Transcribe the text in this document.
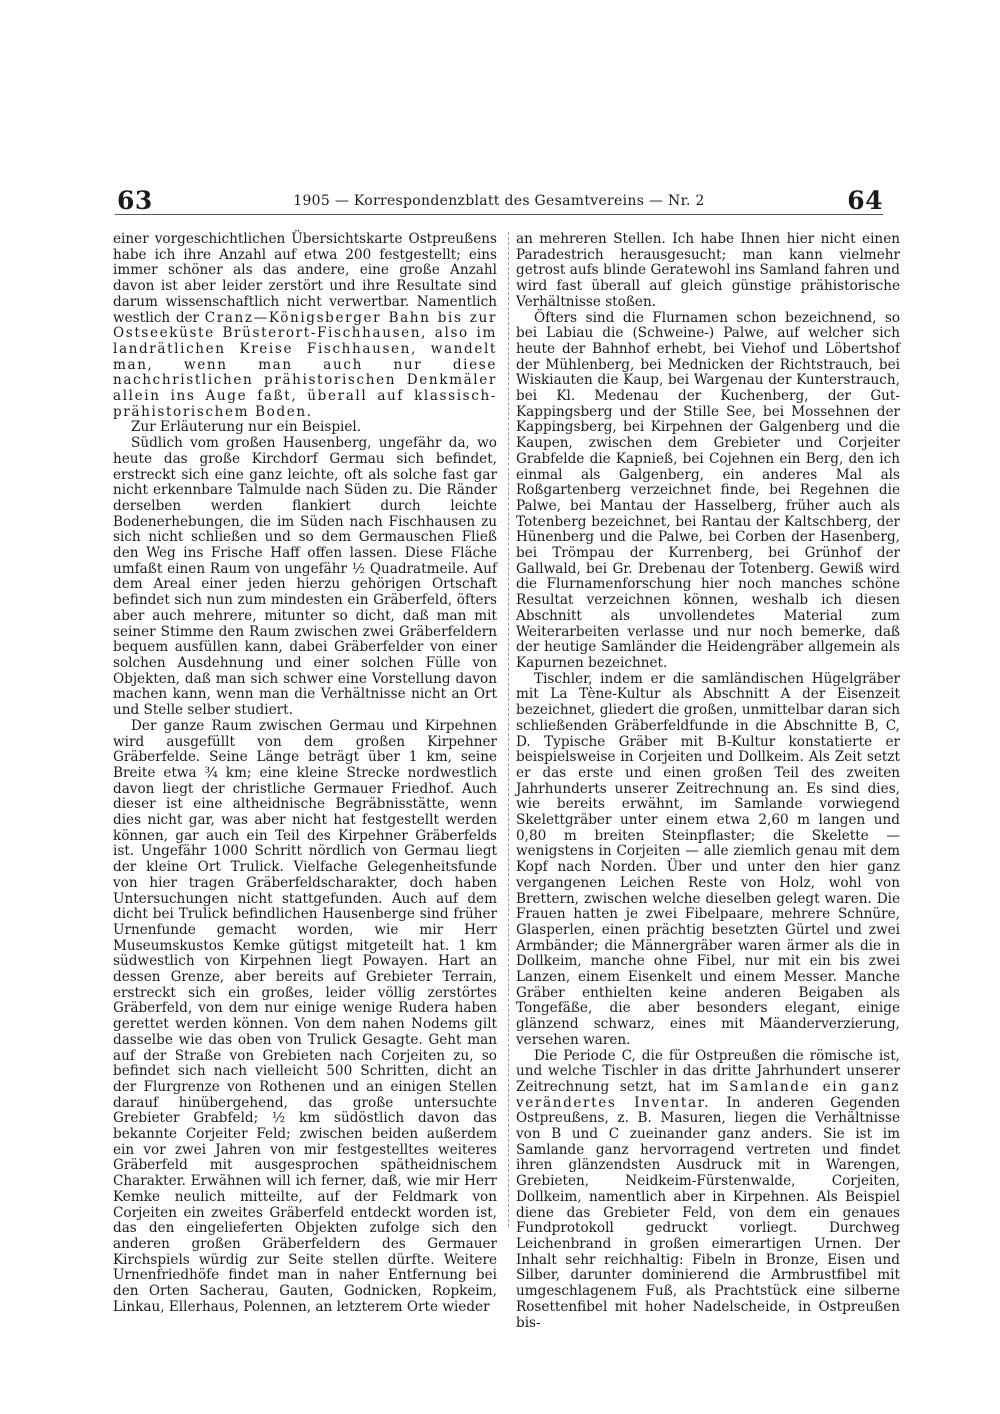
63	1905 — Korrespondenzblatt des Gesamtvereins — Nr. 2	64

einer vorgeschichtlichen Übersichtskarte Ostpreußens habe ich ihre Anzahl auf etwa 200 festgestellt; eins immer schöner als das andere, eine große Anzahl davon ist aber leider zerstört und ihre Resultate sind darum wissenschaftlich nicht verwertbar. Namentlich westlich der Cranz—Königsberger Bahn bis zur Ostseeküste Brüsterort-Fischhausen, also im landrätlichen Kreise Fischhausen, wandelt man, wenn man auch nur diese nachchristlichen prähistorischen Denkmäler allein ins Auge faßt, überall auf klassisch-prähistorischem Boden.

Zur Erläuterung nur ein Beispiel.

Südlich vom großen Hausenberg, ungefähr da, wo heute das große Kirchdorf Germau sich befindet, erstreckt sich eine ganz leichte, oft als solche fast gar nicht erkennbare Talmulde nach Süden zu. Die Ränder derselben werden flankiert durch leichte Bodenerhebungen, die im Süden nach Fischhausen zu sich nicht schließen und so dem Germauschen Fließ den Weg ins Frische Haff offen lassen. Diese Fläche umfaßt einen Raum von ungefähr ½ Quadratmeile. Auf dem Areal einer jeden hierzu gehörigen Ortschaft befindet sich nun zum mindesten ein Gräberfeld, öfters aber auch mehrere, mitunter so dicht, daß man mit seiner Stimme den Raum zwischen zwei Gräberfeldern bequem ausfüllen kann, dabei Gräberfelder von einer solchen Ausdehnung und einer solchen Fülle von Objekten, daß man sich schwer eine Vorstellung davon machen kann, wenn man die Verhältnisse nicht an Ort und Stelle selber studiert.

Der ganze Raum zwischen Germau und Kirpehnen wird ausgefüllt von dem großen Kirpehner Gräberfelde. Seine Länge beträgt über 1 km, seine Breite etwa ¾ km; eine kleine Strecke nordwestlich davon liegt der christliche Germauer Friedhof. Auch dieser ist eine altheidnische Begräbnisstätte, wenn dies nicht gar, was aber nicht hat festgestellt werden können, gar auch ein Teil des Kirpehner Gräberfelds ist. Ungefähr 1000 Schritt nördlich von Germau liegt der kleine Ort Trulick. Vielfache Gelegenheitsfunde von hier tragen Gräberfeldscharakter, doch haben Untersuchungen nicht stattgefunden. Auch auf dem dicht bei Trulick befindlichen Hausenberge sind früher Urnenfunde gemacht worden, wie mir Herr Museumskustos Kemke gütigst mitgeteilt hat. 1 km südwestlich von Kirpehnen liegt Powayen. Hart an dessen Grenze, aber bereits auf Grebieter Terrain, erstreckt sich ein großes, leider völlig zerstörtes Gräberfeld, von dem nur einige wenige Rudera haben gerettet werden können. Von dem nahen Nodems gilt dasselbe wie das oben von Trulick Gesagte. Geht man auf der Straße von Grebieten nach Corjeiten zu, so befindet sich nach vielleicht 500 Schritten, dicht an der Flurgrenze von Rothenen und an einigen Stellen darauf hinübergehend, das große untersuchte Grebieter Grabfeld; ½ km südöstlich davon das bekannte Corjeiter Feld; zwischen beiden außerdem ein vor zwei Jahren von mir festgestelltes weiteres Gräberfeld mit ausgesprochen spätheidnischem Charakter. Erwähnen will ich ferner, daß, wie mir Herr Kemke neulich mitteilte, auf der Feldmark von Corjeiten ein zweites Gräberfeld entdeckt worden ist, das den eingelieferten Objekten zufolge sich den anderen großen Gräberfeldern des Germauer Kirchspiels würdig zur Seite stellen dürfte. Weitere Urnenfriedhöfe findet man in naher Entfernung bei den Orten Sacherau, Gauten, Godnicken, Ropkeim, Linkau, Ellerhaus, Polennen, an letzterem Orte wieder

an mehreren Stellen. Ich habe Ihnen hier nicht einen Paradestrich herausgesucht; man kann vielmehr getrost aufs blinde Geratewohl ins Samland fahren und wird fast überall auf gleich günstige prähistorische Verhältnisse stoßen.

Öfters sind die Flurnamen schon bezeichnend, so bei Labiau die (Schweine-) Palwe, auf welcher sich heute der Bahnhof erhebt, bei Viehof und Löbertshof der Mühlenberg, bei Mednicken der Richtstrauch, bei Wiskiauten die Kaup, bei Wargenau der Kunterstrauch, bei Kl. Medenau der Kuchenberg, der Gut-Kappingsberg und der Stille See, bei Mossehnen der Kappingsberg, bei Kirpehnen der Galgenberg und die Kaupen, zwischen dem Grebieter und Corjeiter Grabfelde die Kapnieß, bei Cojehnen ein Berg, den ich einmal als Galgenberg, ein anderes Mal als Roßgartenberg verzeichnet finde, bei Regehnen die Palwe, bei Mantau der Hasselberg, früher auch als Totenberg bezeichnet, bei Rantau der Kaltschberg, der Hünenberg und die Palwe, bei Corben der Hasenberg, bei Trömpau der Kurrenberg, bei Grünhof der Gallwald, bei Gr. Drebenau der Totenberg. Gewiß wird die Flurnamenforschung hier noch manches schöne Resultat verzeichnen können, weshalb ich diesen Abschnitt als unvollendetes Material zum Weiterarbeiten verlasse und nur noch bemerke, daß der heutige Samländer die Heidengräber allgemein als Kapurnen bezeichnet.

Tischler, indem er die samländischen Hügelgräber mit La Tène-Kultur als Abschnitt A der Eisenzeit bezeichnet, gliedert die großen, unmittelbar daran sich schließenden Gräberfeldfunde in die Abschnitte B, C, D. Typische Gräber mit B-Kultur konstatierte er beispielsweise in Corjeiten und Dollkeim. Als Zeit setzt er das erste und einen großen Teil des zweiten Jahrhunderts unserer Zeitrechnung an. Es sind dies, wie bereits erwähnt, im Samlande vorwiegend Skelettgräber unter einem etwa 2,60 m langen und 0,80 m breiten Steinpflaster; die Skelette — wenigstens in Corjeiten — alle ziemlich genau mit dem Kopf nach Norden. Über und unter den hier ganz vergangenen Leichen Reste von Holz, wohl von Brettern, zwischen welche dieselben gelegt waren. Die Frauen hatten je zwei Fibelpaare, mehrere Schnüre, Glasperlen, einen prächtig besetzten Gürtel und zwei Armbänder; die Männergräber waren ärmer als die in Dollkeim, manche ohne Fibel, nur mit ein bis zwei Lanzen, einem Eisenkelt und einem Messer. Manche Gräber enthielten keine anderen Beigaben als Tongefäße, die aber besonders elegant, einige glänzend schwarz, eines mit Mäanderverzierung, versehen waren.

Die Periode C, die für Ostpreußen die römische ist, und welche Tischler in das dritte Jahrhundert unserer Zeitrechnung setzt, hat im Samlande ein ganz verändertes Inventar. In anderen Gegenden Ostpreußens, z. B. Masuren, liegen die Verhältnisse von B und C zueinander ganz anders. Sie ist im Samlande ganz hervorragend vertreten und findet ihren glänzendsten Ausdruck mit in Warengen, Grebieten, Neidkeim-Fürstenwalde, Corjeiten, Dollkeim, namentlich aber in Kirpehnen. Als Beispiel diene das Grebieter Feld, von dem ein genaues Fundprotokoll gedruckt vorliegt. Durchweg Leichenbrand in großen eimerartigen Urnen. Der Inhalt sehr reichhaltig: Fibeln in Bronze, Eisen und Silber, darunter dominierend die Armbrustfibel mit umgeschlagenem Fuß, als Prachtstück eine silberne Rosettenfibel mit hoher Nadelscheide, in Ostpreußen bis-
